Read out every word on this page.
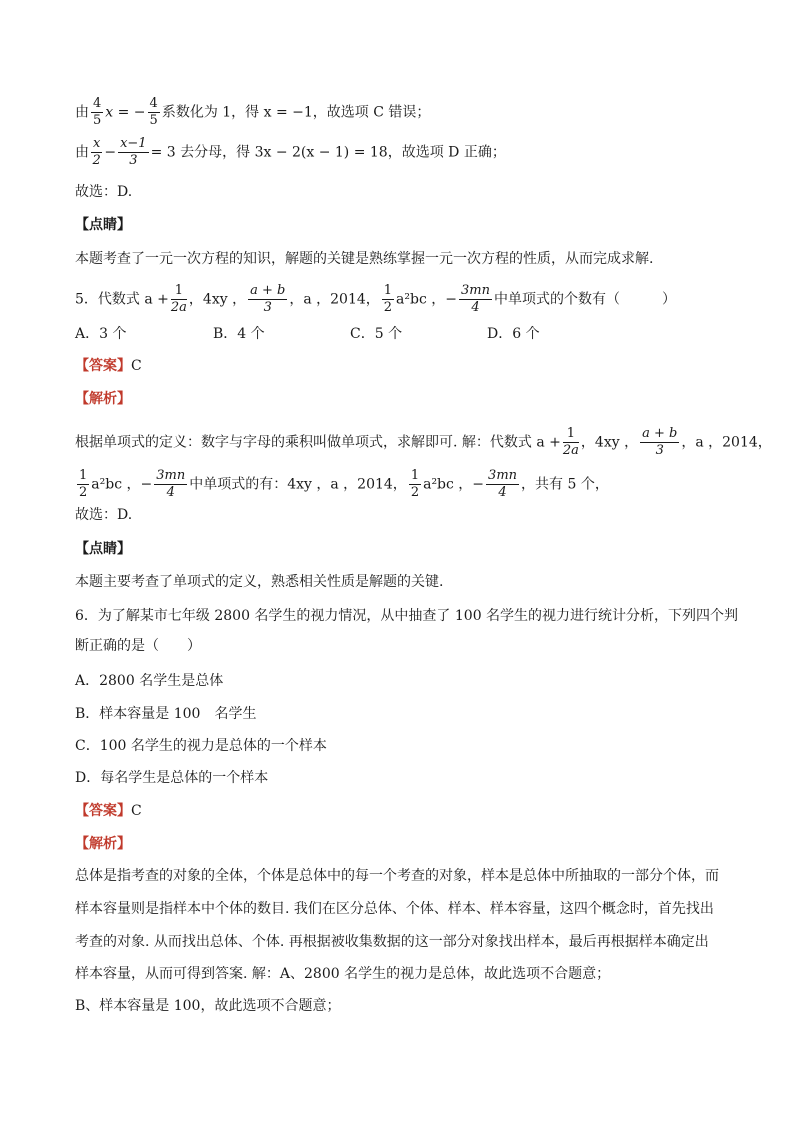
由 $\frac{4}{5}$ x = − $\frac{4}{5}$ 系数化为 1，得 x = −1，故选项 C 错误；
由 $\frac{x}{2} - \frac{x-1}{3} = 3$ 去分母，得 3x − 2(x − 1) = 18，故选项 D 正确；
故选：D.
【点睛】
本题考查了一元一次方程的知识，解题的关键是熟练掌握一元一次方程的性质，从而完成求解.
5．代数式 $a + \frac{1}{2a}$ ，4xy ， $\frac{a + b}{3}$ ，a ，2014， $\frac{1}{2} a^2bc$ ，− $\frac{3mn}{4}$ 中单项式的个数有（　　　）
A．3 个	B．4 个	C．5 个	D．6 个
【答案】C
【解析】
根据单项式的定义：数字与字母的乘积叫做单项式，求解即可. 解：代数式 $a + \frac{1}{2a}$ ，4xy ， $\frac{a + b}{3}$ ，a ，2014，
$\frac{1}{2} a^2bc$ ，− $\frac{3mn}{4}$ 中单项式的有：4xy ，a ，2014， $\frac{1}{2} a^2bc$ ，− $\frac{3mn}{4}$ ，共有 5 个，
故选：D.
【点睛】
本题主要考查了单项式的定义，熟悉相关性质是解题的关键.
6．为了解某市七年级 2800 名学生的视力情况，从中抽查了 100 名学生的视力进行统计分析，下列四个判
断正确的是（　　）
A．2800 名学生是总体
B．样本容量是 100　名学生
C．100 名学生的视力是总体的一个样本
D．每名学生是总体的一个样本
【答案】C
【解析】
总体是指考查的对象的全体，个体是总体中的每一个考查的对象，样本是总体中所抽取的一部分个体，而
样本容量则是指样本中个体的数目. 我们在区分总体、个体、样本、样本容量，这四个概念时，首先找出
考查的对象. 从而找出总体、个体. 再根据被收集数据的这一部分对象找出样本，最后再根据样本确定出
样本容量，从而可得到答案. 解：A、2800 名学生的视力是总体，故此选项不合题意；
B、样本容量是 100，故此选项不合题意；
